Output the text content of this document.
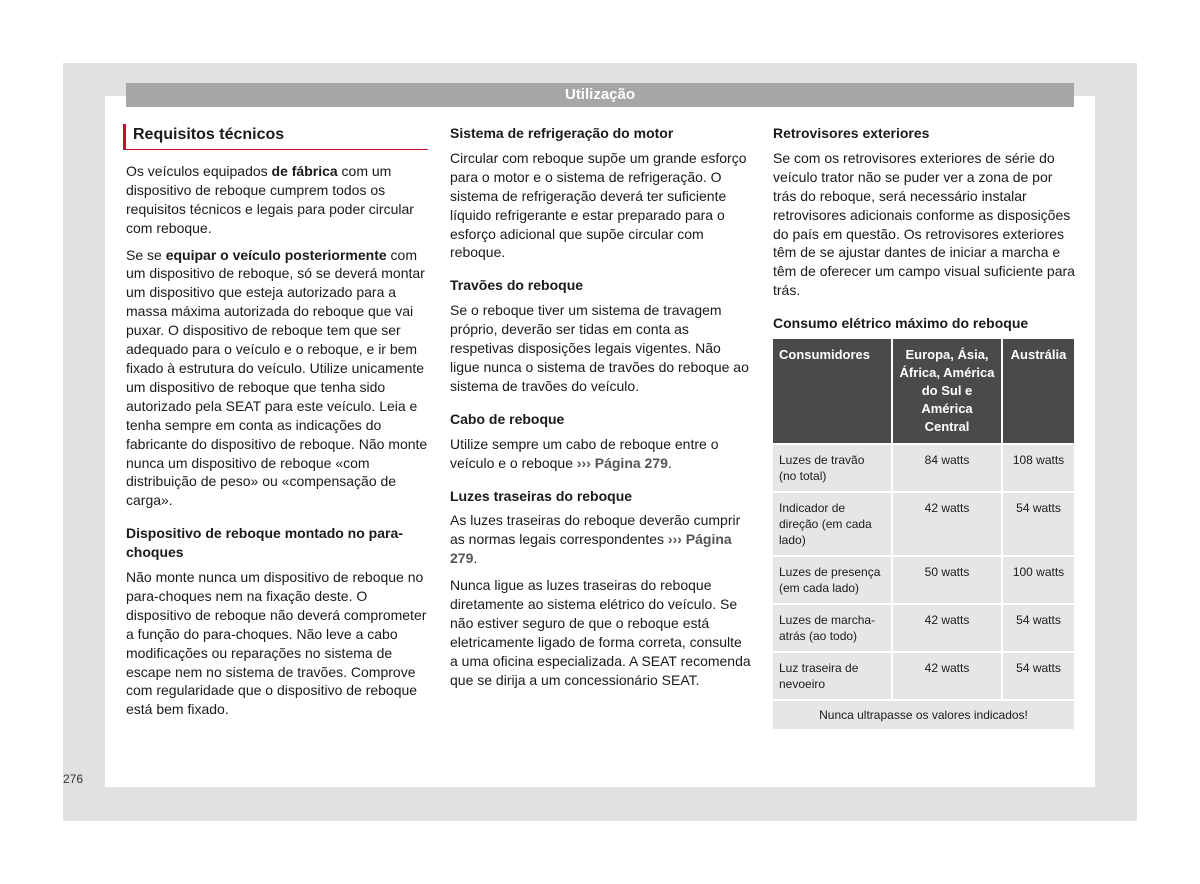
Utilização
Requisitos técnicos

Os veículos equipados de fábrica com um dispositivo de reboque cumprem todos os requisitos técnicos e legais para poder circular com reboque.

Se se equipar o veículo posteriormente com um dispositivo de reboque, só se deverá montar um dispositivo que esteja autorizado para a massa máxima autorizada do reboque que vai puxar. O dispositivo de reboque tem que ser adequado para o veículo e o reboque, e ir bem fixado à estrutura do veículo. Utilize unicamente um dispositivo de reboque que tenha sido autorizado pela SEAT para este veículo. Leia e tenha sempre em conta as indicações do fabricante do dispositivo de reboque. Não monte nunca um dispositivo de reboque «com distribuição de peso» ou «compensação de carga».

Dispositivo de reboque montado no para-choques

Não monte nunca um dispositivo de reboque no para-choques nem na fixação deste. O dispositivo de reboque não deverá comprometer a função do para-choques. Não leve a cabo modificações ou reparações no sistema de escape nem no sistema de travões. Comprove com regularidade que o dispositivo de reboque está bem fixado.

Sistema de refrigeração do motor

Circular com reboque supõe um grande esforço para o motor e o sistema de refrigeração. O sistema de refrigeração deverá ter suficiente líquido refrigerante e estar preparado para o esforço adicional que supõe circular com reboque.

Travões do reboque

Se o reboque tiver um sistema de travagem próprio, deverão ser tidas em conta as respetivas disposições legais vigentes. Não ligue nunca o sistema de travões do reboque ao sistema de travões do veículo.

Cabo de reboque

Utilize sempre um cabo de reboque entre o veículo e o reboque ››› Página 279.

Luzes traseiras do reboque

As luzes traseiras do reboque deverão cumprir as normas legais correspondentes ››› Página 279.

Nunca ligue as luzes traseiras do reboque diretamente ao sistema elétrico do veículo. Se não estiver seguro de que o reboque está eletricamente ligado de forma correta, consulte a uma oficina especializada. A SEAT recomenda que se dirija a um concessionário SEAT.

Retrovisores exteriores

Se com os retrovisores exteriores de série do veículo trator não se puder ver a zona de por trás do reboque, será necessário instalar retrovisores adicionais conforme as disposições do país em questão. Os retrovisores exteriores têm de se ajustar dantes de iniciar a marcha e têm de oferecer um campo visual suficiente para trás.

Consumo elétrico máximo do reboque
Consumidores	Europa, Ásia, África, América do Sul e América Central	Austrália
Luzes de travão (no total)	84 watts	108 watts
Indicador de direção (em cada lado)	42 watts	54 watts
Luzes de presença (em cada lado)	50 watts	100 watts
Luzes de marcha-atrás (ao todo)	42 watts	54 watts
Luz traseira de nevoeiro	42 watts	54 watts
Nunca ultrapasse os valores indicados!		
276
